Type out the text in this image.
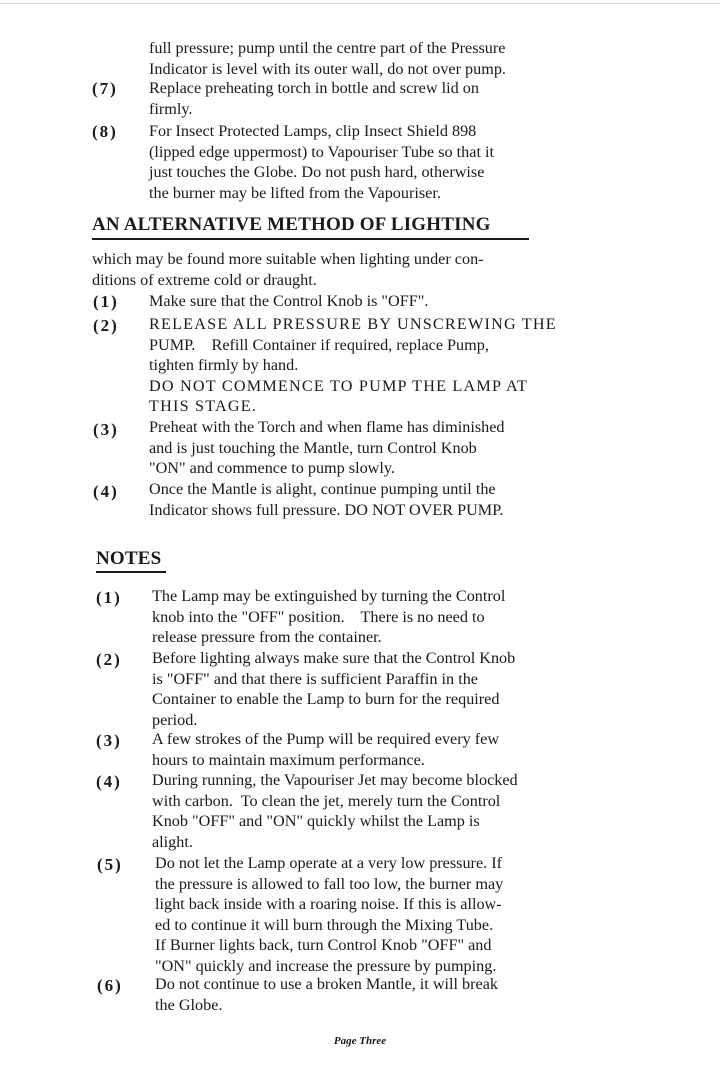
full pressure; pump until the centre part of the Pressure
Indicator is level with its outer wall, do not over pump.
(7) Replace preheating torch in bottle and screw lid on
firmly.
(8) For Insect Protected Lamps, clip Insect Shield 898
(lipped edge uppermost) to Vapouriser Tube so that it
just touches the Globe. Do not push hard, otherwise
the burner may be lifted from the Vapouriser.
AN ALTERNATIVE METHOD OF LIGHTING
which may be found more suitable when lighting under con-
ditions of extreme cold or draught.
(1) Make sure that the Control Knob is "OFF".
(2) RELEASE ALL PRESSURE BY UNSCREWING THE
PUMP.    Refill Container if required, replace Pump,
tighten firmly by hand.
DO NOT COMMENCE TO PUMP THE LAMP AT
THIS STAGE.
(3) Preheat with the Torch and when flame has diminished
and is just touching the Mantle, turn Control Knob
"ON" and commence to pump slowly.
(4) Once the Mantle is alight, continue pumping until the
Indicator shows full pressure. DO NOT OVER PUMP.
NOTES
(1) The Lamp may be extinguished by turning the Control
knob into the "OFF" position.    There is no need to
release pressure from the container.
(2) Before lighting always make sure that the Control Knob
is "OFF" and that there is sufficient Paraffin in the
Container to enable the Lamp to burn for the required
period.
(3) A few strokes of the Pump will be required every few
hours to maintain maximum performance.
(4) During running, the Vapouriser Jet may become blocked
with carbon.  To clean the jet, merely turn the Control
Knob "OFF" and "ON" quickly whilst the Lamp is
alight.
(5) Do not let the Lamp operate at a very low pressure. If
the pressure is allowed to fall too low, the burner may
light back inside with a roaring noise. If this is allow-
ed to continue it will burn through the Mixing Tube.
If Burner lights back, turn Control Knob "OFF" and
"ON" quickly and increase the pressure by pumping.
(6) Do not continue to use a broken Mantle, it will break
the Globe.
Page Three
